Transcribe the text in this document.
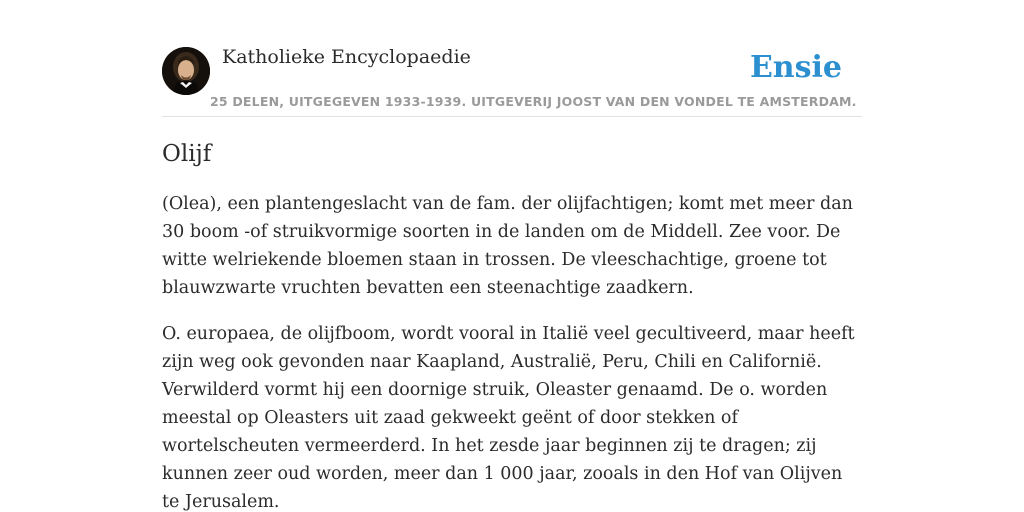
Katholieke Encyclopaedie	Ensie
25 DELEN, UITGEGEVEN 1933-1939. UITGEVERIJ JOOST VAN DEN VONDEL TE AMSTERDAM.
Olijf

(Olea), een plantengeslacht van de fam. der olijfachtigen; komt met meer dan 30 boom -of struikvormige soorten in de landen om de Middell. Zee voor. De witte welriekende bloemen staan in trossen. De vleeschachtige, groene tot blauwzwarte vruchten bevatten een steenachtige zaadkern.

O. europaea, de olijfboom, wordt vooral in Italië veel gecultiveerd, maar heeft zijn weg ook gevonden naar Kaapland, Australië, Peru, Chili en Californië. Verwilderd vormt hij een doornige struik, Oleaster genaamd. De o. worden meestal op Oleasters uit zaad gekweekt geënt of door stekken of wortelscheuten vermeerderd. In het zesde jaar beginnen zij te dragen; zij kunnen zeer oud worden, meer dan 1 000 jaar, zooals in den Hof van Olijven te Jerusalem.
